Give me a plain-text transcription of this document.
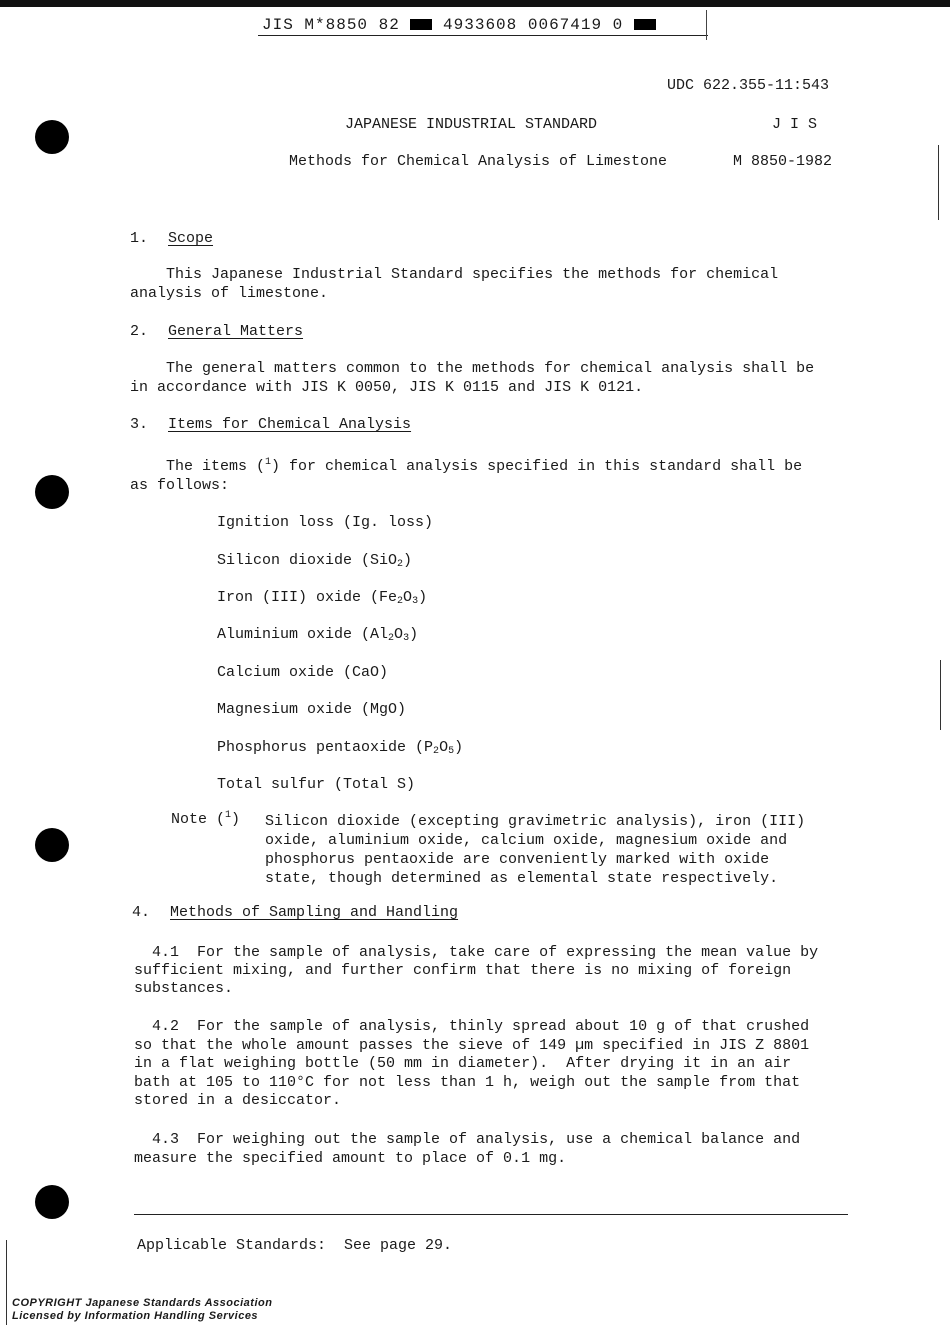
JIS M*8850 82	4933608 0067419 0
UDC 622.355-11:543
JAPANESE INDUSTRIAL STANDARD	J I S
Methods for Chemical Analysis of Limestone	M 8850-1982
1. Scope
This Japanese Industrial Standard specifies the methods for chemical
analysis of limestone.
2. General Matters
The general matters common to the methods for chemical analysis shall be
in accordance with JIS K 0050, JIS K 0115 and JIS K 0121.
3. Items for Chemical Analysis
The items ($^1$) for chemical analysis specified in this standard shall be
as follows:
Ignition loss (Ig. loss)
Silicon dioxide (SiO$_2$)
Iron (III) oxide $(Fe_2O_3)$
Aluminium oxide $(Al_2O_3)$
Calcium oxide (CaO)
Magnesium oxide (MgO)
Phosphorus pentaoxide $(P_2O_5)$
Total sulfur (Total S)
Note ($^1$) Silicon dioxide (excepting gravimetric analysis), iron (III)
oxide, aluminium oxide, calcium oxide, magnesium oxide and
phosphorus pentaoxide are conveniently marked with oxide
state, though determined as elemental state respectively.
4. Methods of Sampling and Handling
4.1  For the sample of analysis, take care of expressing the mean value by
sufficient mixing, and further confirm that there is no mixing of foreign
substances.
4.2  For the sample of analysis, thinly spread about 10 g of that crushed
so that the whole amount passes the sieve of 149 µm specified in JIS Z 8801
in a flat weighing bottle (50 mm in diameter).  After drying it in an air
bath at 105 to 110°C for not less than 1 h, weigh out the sample from that
stored in a desiccator.
4.3  For weighing out the sample of analysis, use a chemical balance and
measure the specified amount to place of 0.1 mg.
Applicable Standards:  See page 29.
COPYRIGHT Japanese Standards Association
Licensed by Information Handling Services
